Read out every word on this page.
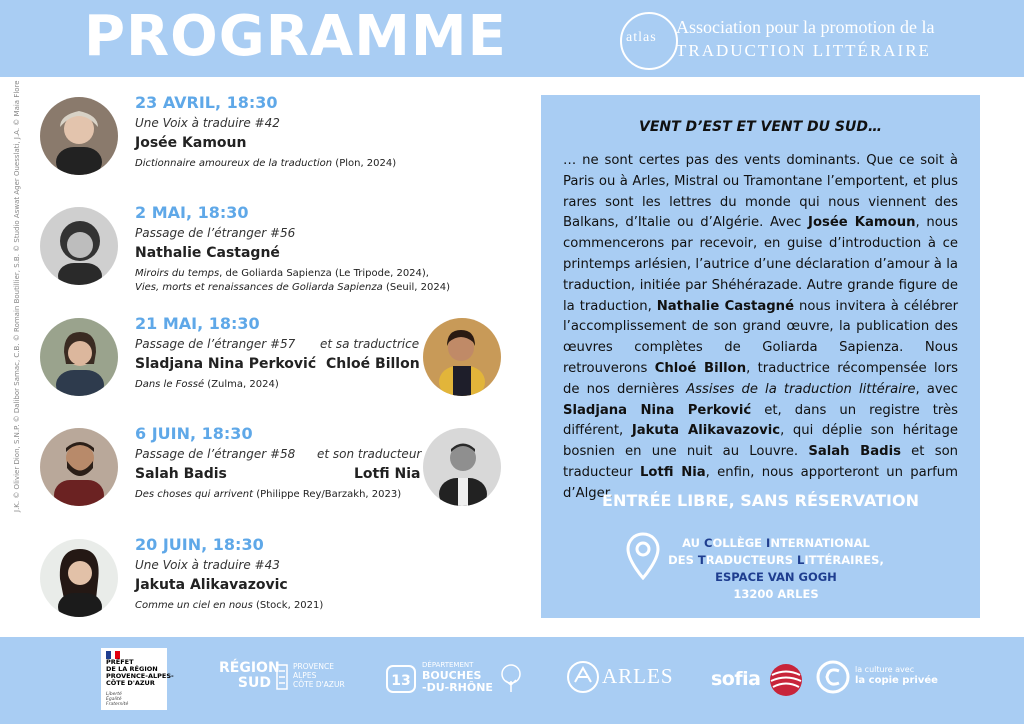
PROGRAMME	atlas
Association pour la promotion de la
TRADUCTION LITTÉRAIRE
J.K. © Olivier Dion, S.N.P. © Dalibor Samac, C.B. © Romain Boutillier, S.B. © Studio Aswat Ager Ouesslati, J.A. © Maia Flore	23 AVRIL, 18:30
Une Voix à traduire #42
Josée Kamoun
Dictionnaire amoureux de la traduction (Plon, 2024)
2 MAI, 18:30
Passage de l’étranger #56
Nathalie Castagné
Miroirs du temps, de Goliarda Sapienza (Le Tripode, 2024),
Vies, morts et renaissances de Goliarda Sapienza (Seuil, 2024)
21 MAI, 18:30
Passage de l’étranger #57
Sladjana Nina Perković
Dans le Fossé (Zulma, 2024)
et sa traductrice
Chloé Billon
6 JUIN, 18:30
Passage de l’étranger #58
Salah Badis
Des choses qui arrivent (Philippe Rey/Barzakh, 2023)
et son traducteur
Lotfi Nia
20 JUIN, 18:30
Une Voix à traduire #43
Jakuta Alikavazovic
Comme un ciel en nous (Stock, 2021)
VENT D’EST ET VENT DU SUD…
… ne sont certes pas des vents dominants. Que ce soit à Paris ou à Arles, Mistral ou Tramontane l’emportent, et plus rares sont les lettres du monde qui nous viennent des Balkans, d’Italie ou d’Algérie. Avec Josée Kamoun, nous commencerons par recevoir, en guise d’introduction à ce printemps arlésien, l’autrice d’une déclaration d’amour à la traduction, initiée par Shéhérazade. Autre grande figure de la traduction, Nathalie Castagné nous invitera à célébrer l’accomplissement de son grand œuvre, la publication des œuvres complètes de Goliarda Sapienza. Nous retrouverons Chloé Billon, traductrice récompensée lors de nos dernières Assises de la traduction littéraire, avec Sladjana Nina Perković et, dans un registre très différent, Jakuta Alikavazovic, qui déplie son héritage bosnien en une nuit au Louvre. Salah Badis et son traducteur Lotfi Nia, enfin, nous apporteront un parfum d’Alger.
ENTRÉE LIBRE, SANS RÉSERVATION
AU COLLÈGE INTERNATIONAL
DES TRADUCTEURS LITTÉRAIRES,
ESPACE VAN GOGH
13200 ARLES
PRÉFET
DE LA RÉGION
PROVENCE-ALPES-
CÔTE D'AZUR
Liberté
Égalité
Fraternité
RÉGION
SUD
PROVENCE
ALPES
CÔTE D'AZUR	13
DÉPARTEMENT
BOUCHES
-DU-RHÔNE	ARLES sofia	la culture avec
la copie privée
